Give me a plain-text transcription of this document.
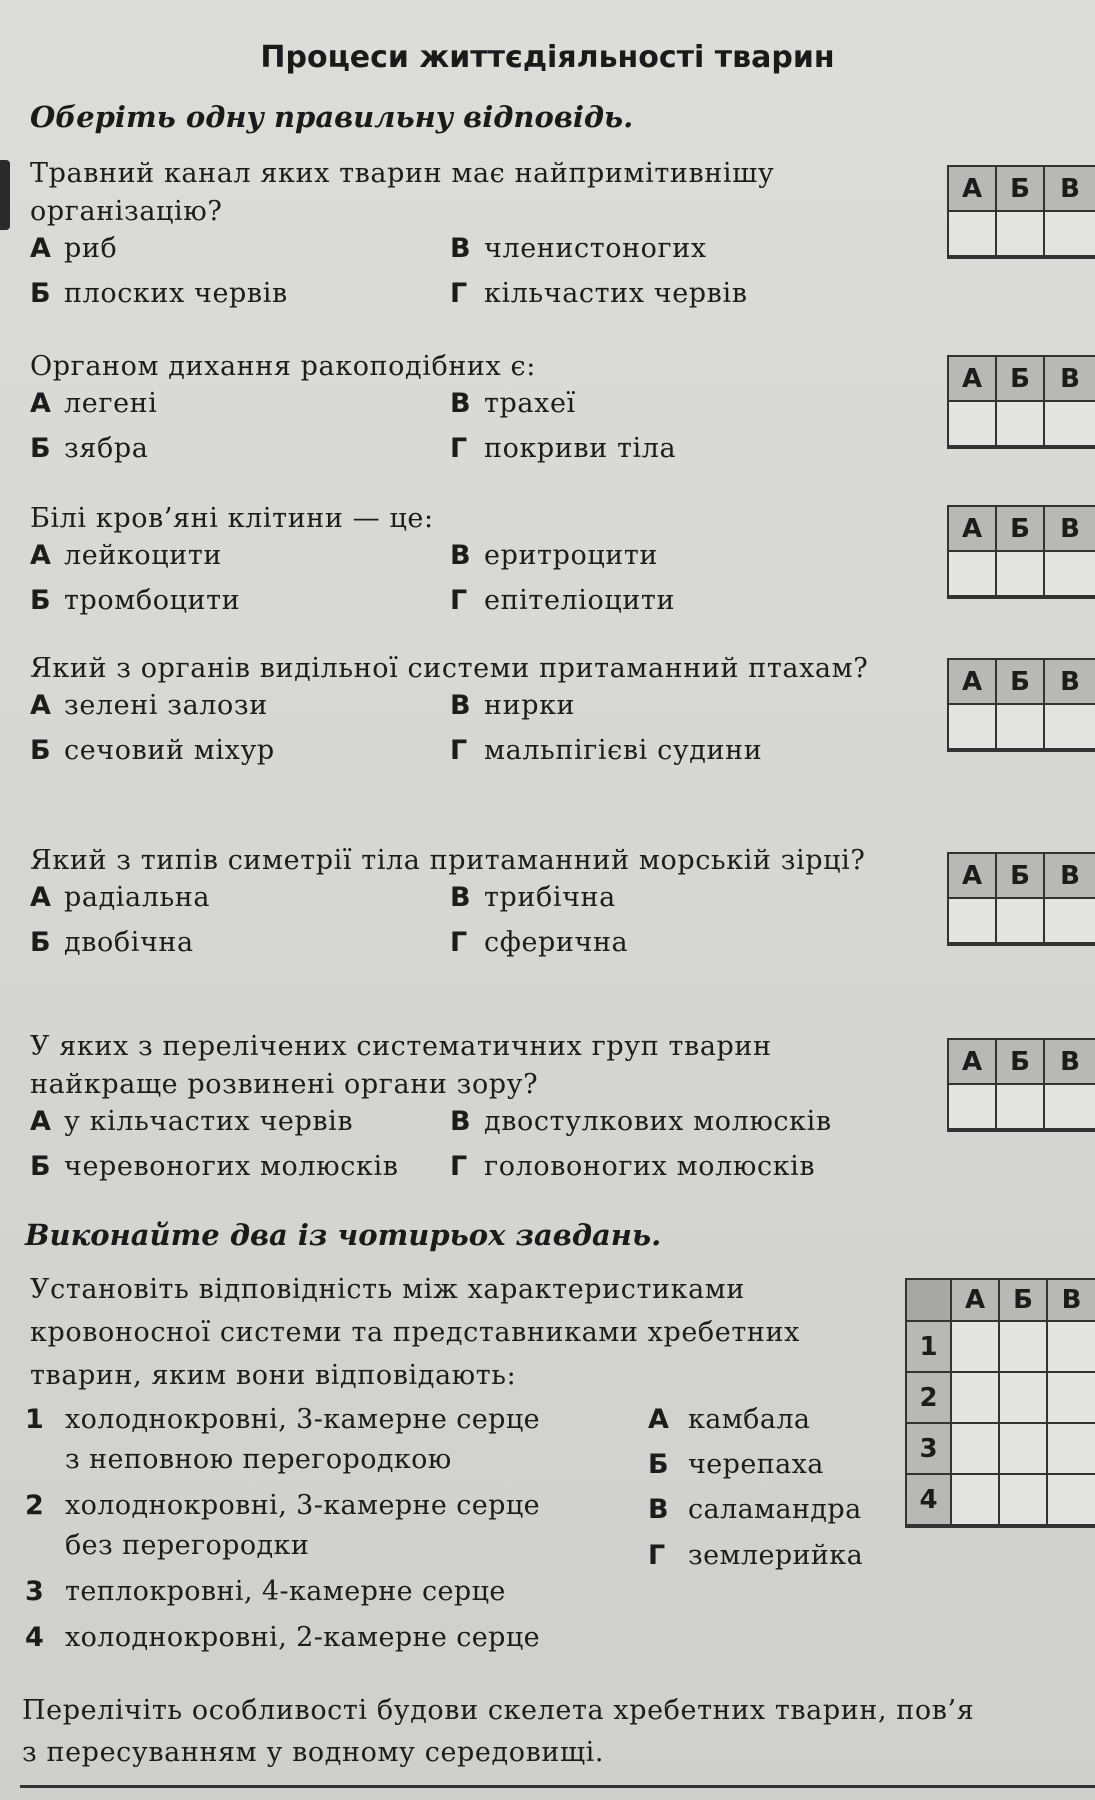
Процеси життєдіяльності тварин
Оберіть одну правильну відповідь.
Травний канал яких тварин має найпримітивнішу організацію?
А риб
Б плоских червів
В членистоногих
Г кільчастих червів
А	Б	В
Органом дихання ракоподібних є:
А легені
Б зябра
В трахеї
Г покриви тіла
А	Б	В
Білі кров’яні клітини — це:
А лейкоцити
Б тромбоцити
В еритроцити
Г епітеліоцити
А	Б	В
Який з органів видільної системи притаманний птахам?
А зелені залози
Б сечовий міхур
В нирки
Г мальпігієві судини
А	Б	В
Який з типів симетрії тіла притаманний морській зірці?
А радіальна
Б двобічна
В трибічна
Г сферична
А	Б	В
У яких з перелічених систематичних груп тварин найкраще розвинені органи зору?
А у кільчастих червів
Б черевоногих молюсків
В двостулкових молюсків
Г головоногих молюсків
А	Б	В
Виконайте два із чотирьох завдань.
Установіть відповідність між характеристиками кровоносної системи та представниками хребетних тварин, яким вони відповідають:
1 холоднокровні, 3-камерне серце
з неповною перегородкою
2 холоднокровні, 3-камерне серце
без перегородки
3 теплокровні, 4-камерне серце
4 холоднокровні, 2-камерне серце
А камбала
Б черепаха
В саламандра
Г землерийка
А	Б	В
1
2
3
4
Перелічіть особливості будови скелета хребетних тварин, пов’я
з пересуванням у водному середовищі.
